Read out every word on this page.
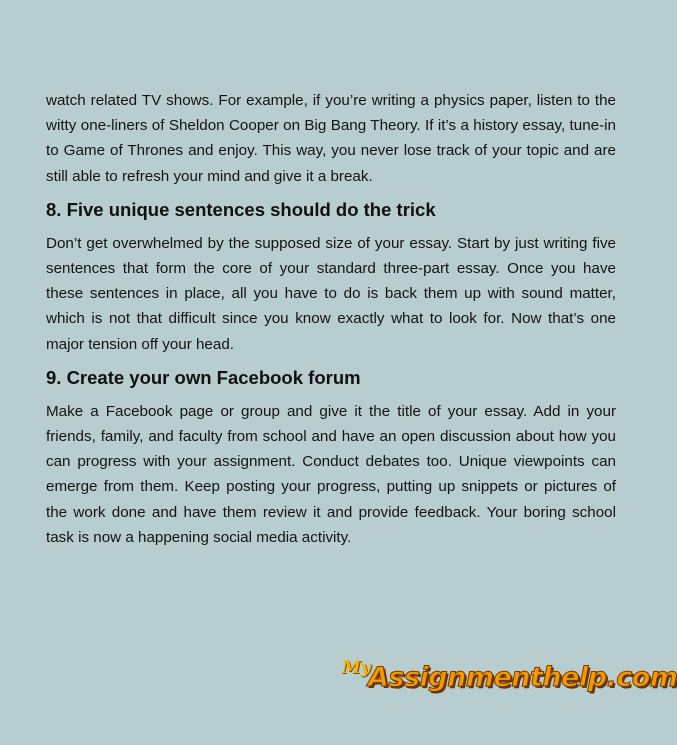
watch related TV shows. For example, if you’re writing a physics paper, listen to the witty one-liners of Sheldon Cooper on Big Bang Theory. If it’s a history essay, tune-in to Game of Thrones and enjoy. This way, you never lose track of your topic and are still able to refresh your mind and give it a break.

8. Five unique sentences should do the trick

Don’t get overwhelmed by the supposed size of your essay. Start by just writing five sentences that form the core of your standard three-part essay. Once you have these sentences in place, all you have to do is back them up with sound matter, which is not that difficult since you know exactly what to look for. Now that’s one major tension off your head.

9. Create your own Facebook forum

Make a Facebook page or group and give it the title of your essay. Add in your friends, family, and faculty from school and have an open discussion about how you can progress with your assignment. Conduct debates too. Unique viewpoints can emerge from them. Keep posting your progress, putting up snippets or pictures of the work done and have them review it and provide feedback. Your boring school task is now a happening social media activity.

My
Assignmenthelp.com
